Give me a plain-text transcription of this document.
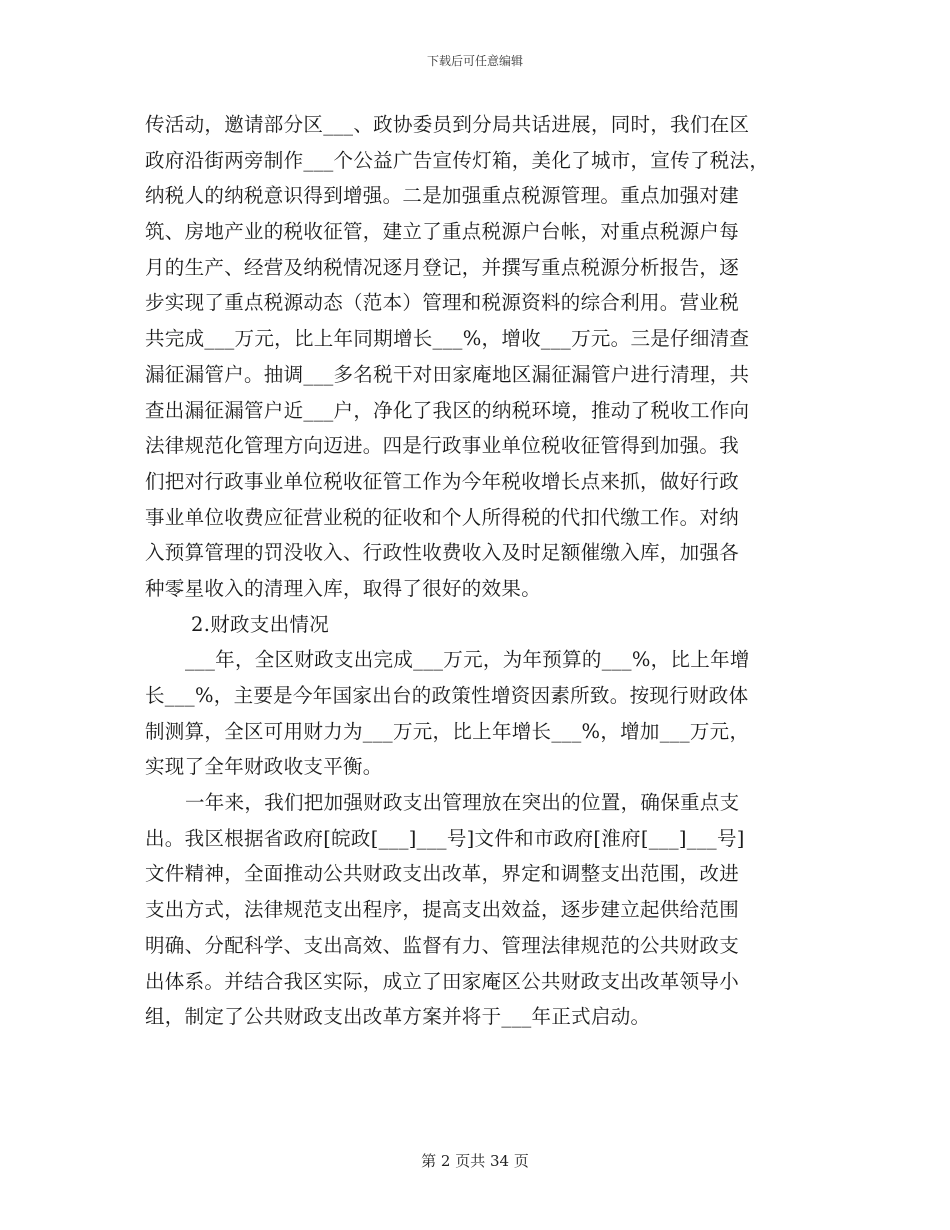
下载后可任意编辑
传活动，邀请部分区___、政协委员到分局共话进展，同时，我们在区
政府沿街两旁制作___个公益广告宣传灯箱，美化了城市，宣传了税法，
纳税人的纳税意识得到增强。二是加强重点税源管理。重点加强对建
筑、房地产业的税收征管，建立了重点税源户台帐，对重点税源户每
月的生产、经营及纳税情况逐月登记，并撰写重点税源分析报告，逐
步实现了重点税源动态（范本）管理和税源资料的综合利用。营业税
共完成___万元，比上年同期增长___%，增收___万元。三是仔细清查
漏征漏管户。抽调___多名税干对田家庵地区漏征漏管户进行清理，共
查出漏征漏管户近___户，净化了我区的纳税环境，推动了税收工作向
法律规范化管理方向迈进。四是行政事业单位税收征管得到加强。我
们把对行政事业单位税收征管工作为今年税收增长点来抓，做好行政
事业单位收费应征营业税的征收和个人所得税的代扣代缴工作。对纳
入预算管理的罚没收入、行政性收费收入及时足额催缴入库，加强各
种零星收入的清理入库，取得了很好的效果。
2.财政支出情况
___年，全区财政支出完成___万元，为年预算的___%，比上年增
长___%，主要是今年国家出台的政策性增资因素所致。按现行财政体
制测算，全区可用财力为___万元，比上年增长___%，增加___万元，
实现了全年财政收支平衡。
一年来，我们把加强财政支出管理放在突出的位置，确保重点支
出。我区根据省政府[皖政[___]___号]文件和市政府[淮府[___]___号]
文件精神，全面推动公共财政支出改革，界定和调整支出范围，改进
支出方式，法律规范支出程序，提高支出效益，逐步建立起供给范围
明确、分配科学、支出高效、监督有力、管理法律规范的公共财政支
出体系。并结合我区实际，成立了田家庵区公共财政支出改革领导小
组，制定了公共财政支出改革方案并将于___年正式启动。
第 2 页共 34 页
